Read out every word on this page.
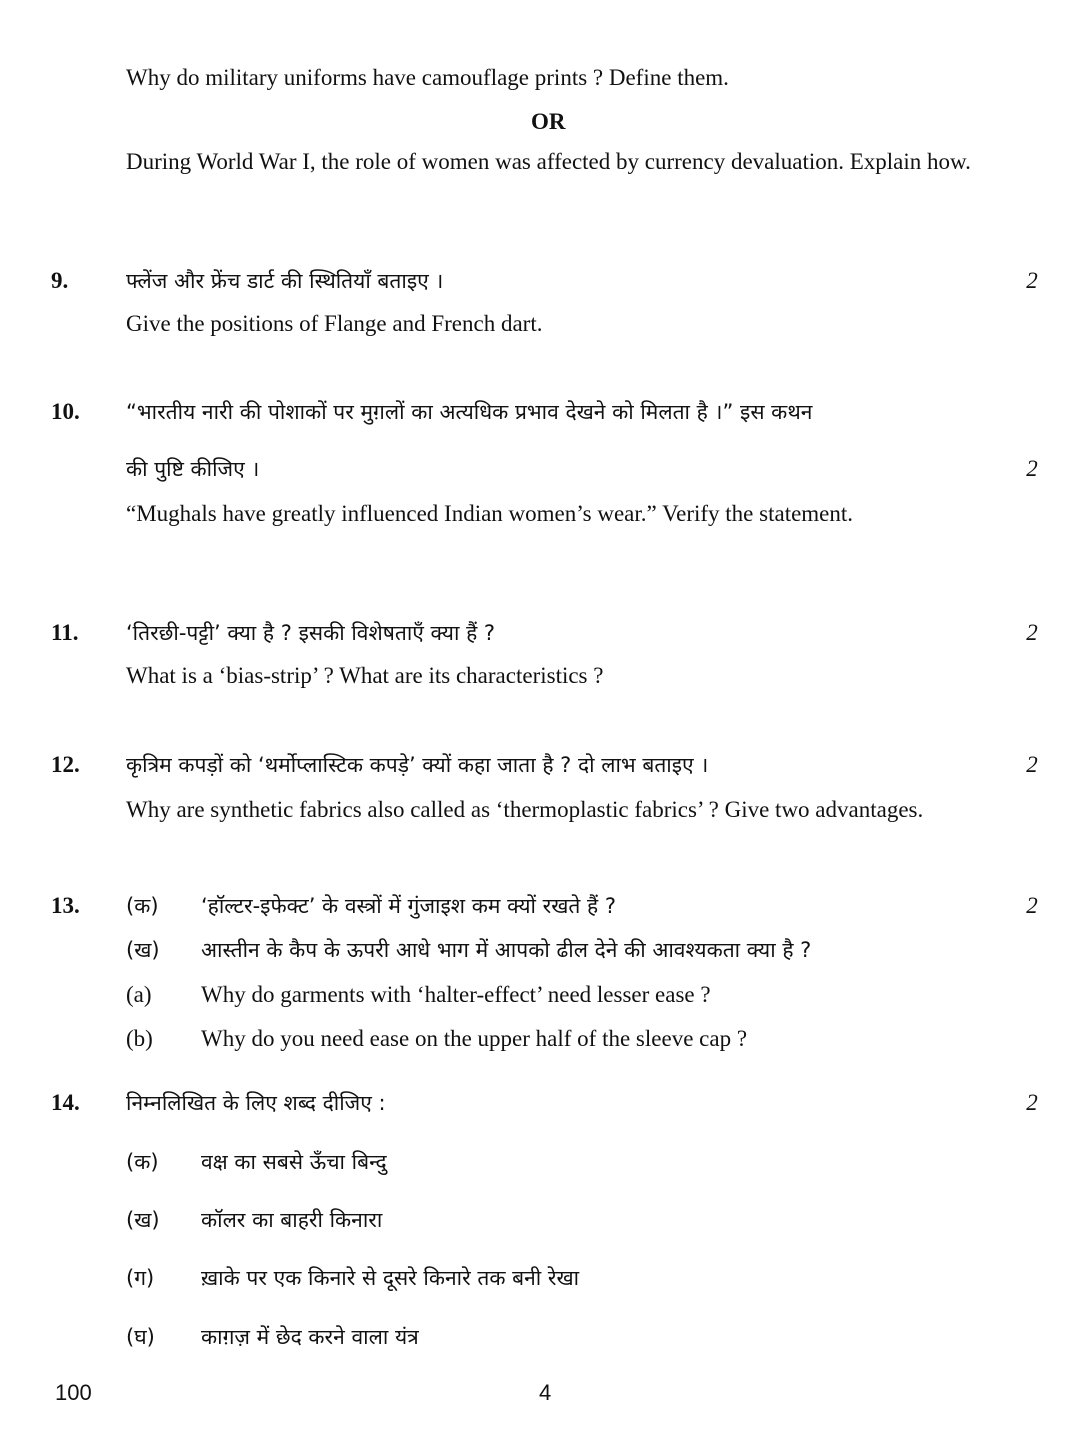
Why do military uniforms have camouflage prints ? Define them.
OR
During World War I, the role of women was affected by currency devaluation. Explain how.
9.	फ्लेंज और फ्रेंच डार्ट की स्थितियाँ बताइए ।	2
Give the positions of Flange and French dart.
10. “भारतीय नारी की पोशाकों पर मुग़लों का अत्यधिक प्रभाव देखने को मिलता है ।” इस कथन
की पुष्टि कीजिए ।	2
“Mughals have greatly influenced Indian women’s wear.” Verify the statement.
11. ‘तिरछी-पट्टी’ क्या है ? इसकी विशेषताएँ क्या हैं ?	2
What is a ‘bias-strip’ ? What are its characteristics ?
12. कृत्रिम कपड़ों को ‘थर्मोप्लास्टिक कपड़े’ क्यों कहा जाता है ? दो लाभ बताइए ।	2
Why are synthetic fabrics also called as ‘thermoplastic fabrics’ ? Give two advantages.
13.	2
(क) ‘हॉल्टर-इफेक्ट’ के वस्त्रों में गुंजाइश कम क्यों रखते हैं ?
(ख) आस्तीन के कैप के ऊपरी आधे भाग में आपको ढील देने की आवश्यकता क्या है ?
(a) Why do garments with ‘halter-effect’ need lesser ease ?
(b) Why do you need ease on the upper half of the sleeve cap ?
14. निम्नलिखित के लिए शब्द दीजिए :	2
(क) वक्ष का सबसे ऊँचा बिन्दु
(ख) कॉलर का बाहरी किनारा
(ग) ख़ाके पर एक किनारे से दूसरे किनारे तक बनी रेखा
(घ) काग़ज़ में छेद करने वाला यंत्र
100	4
